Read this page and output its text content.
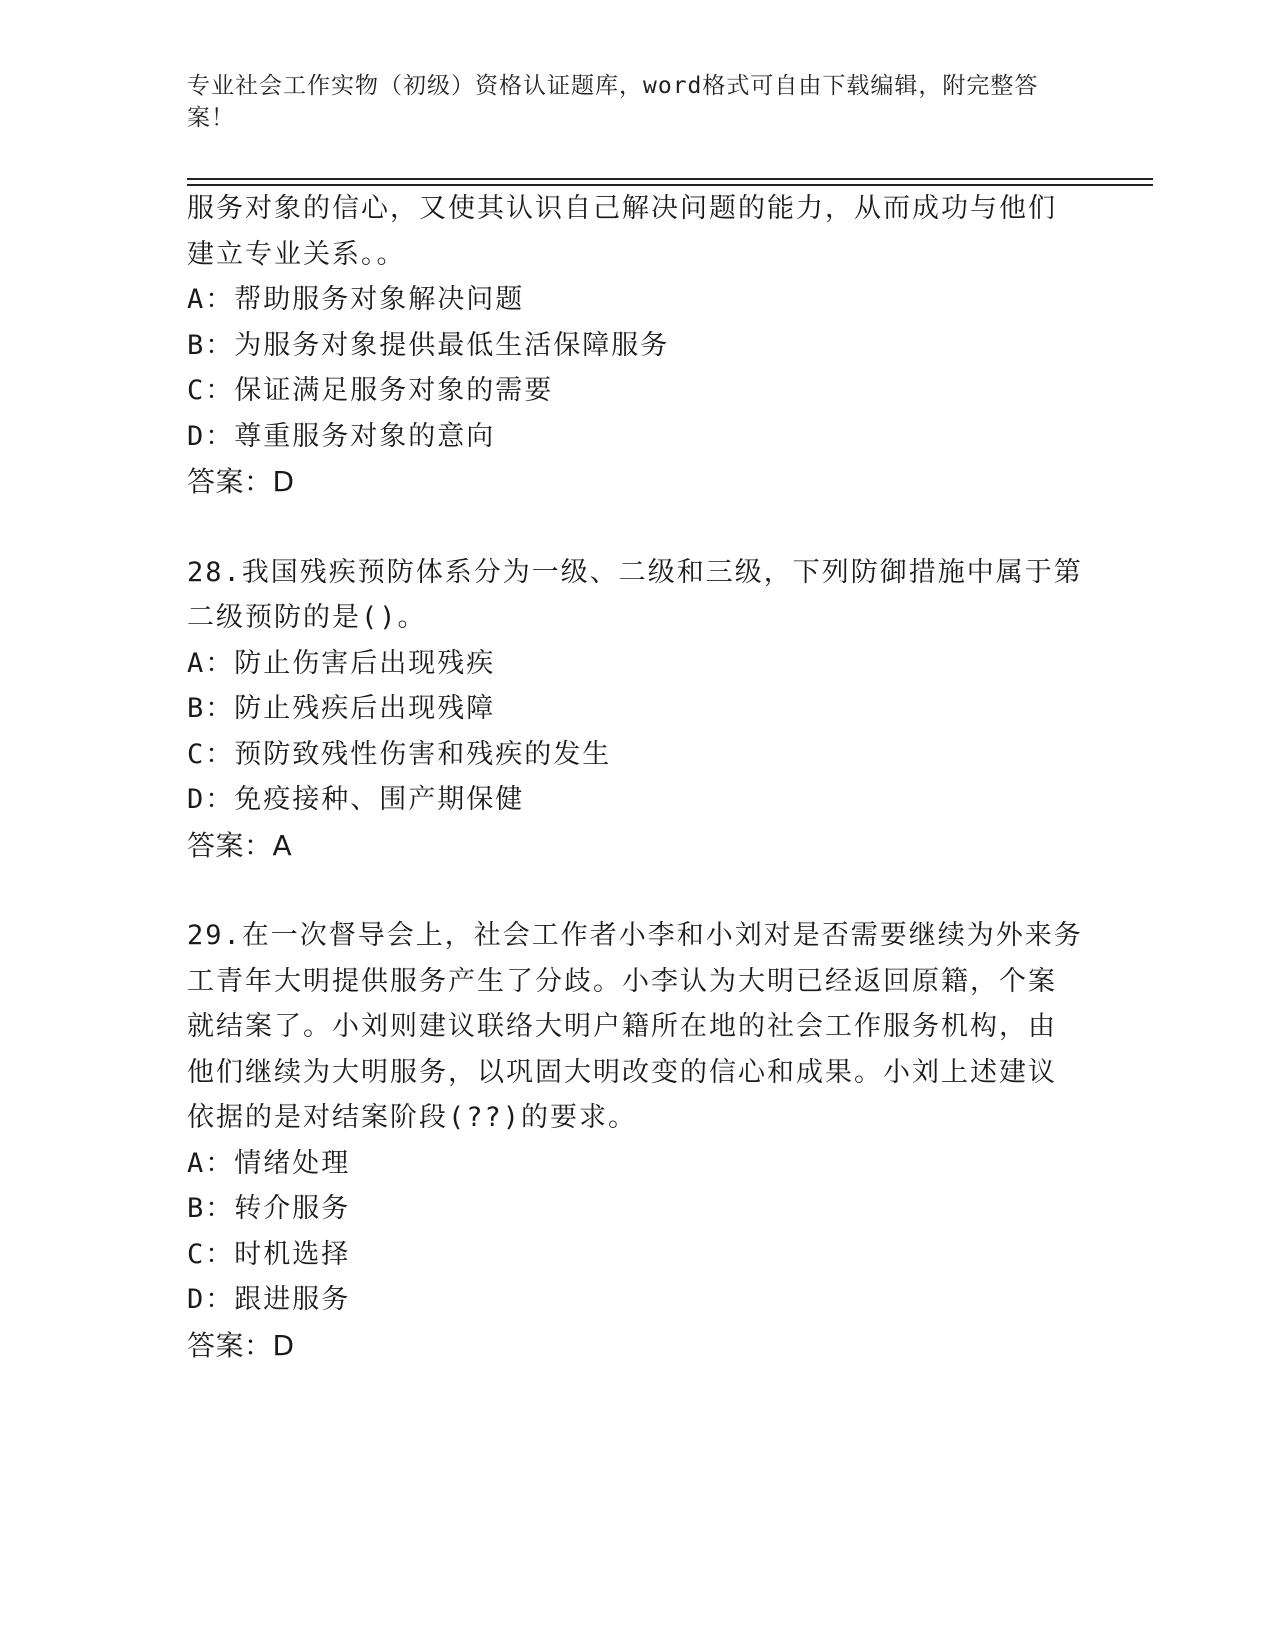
专业社会工作实物（初级）资格认证题库，word格式可自由下载编辑，附完整答
案！
服务对象的信心，又使其认识自己解决问题的能力，从而成功与他们
建立专业关系。。
A：帮助服务对象解决问题
B：为服务对象提供最低生活保障服务
C：保证满足服务对象的需要
D：尊重服务对象的意向
答案：D
28.我国残疾预防体系分为一级、二级和三级，下列防御措施中属于第
二级预防的是()。
A：防止伤害后出现残疾
B：防止残疾后出现残障
C：预防致残性伤害和残疾的发生
D：免疫接种、围产期保健
答案：A
29.在一次督导会上，社会工作者小李和小刘对是否需要继续为外来务
工青年大明提供服务产生了分歧。小李认为大明已经返回原籍，个案
就结案了。小刘则建议联络大明户籍所在地的社会工作服务机构，由
他们继续为大明服务，以巩固大明改变的信心和成果。小刘上述建议
依据的是对结案阶段(??)的要求。
A：情绪处理
B：转介服务
C：时机选择
D：跟进服务
答案：D
